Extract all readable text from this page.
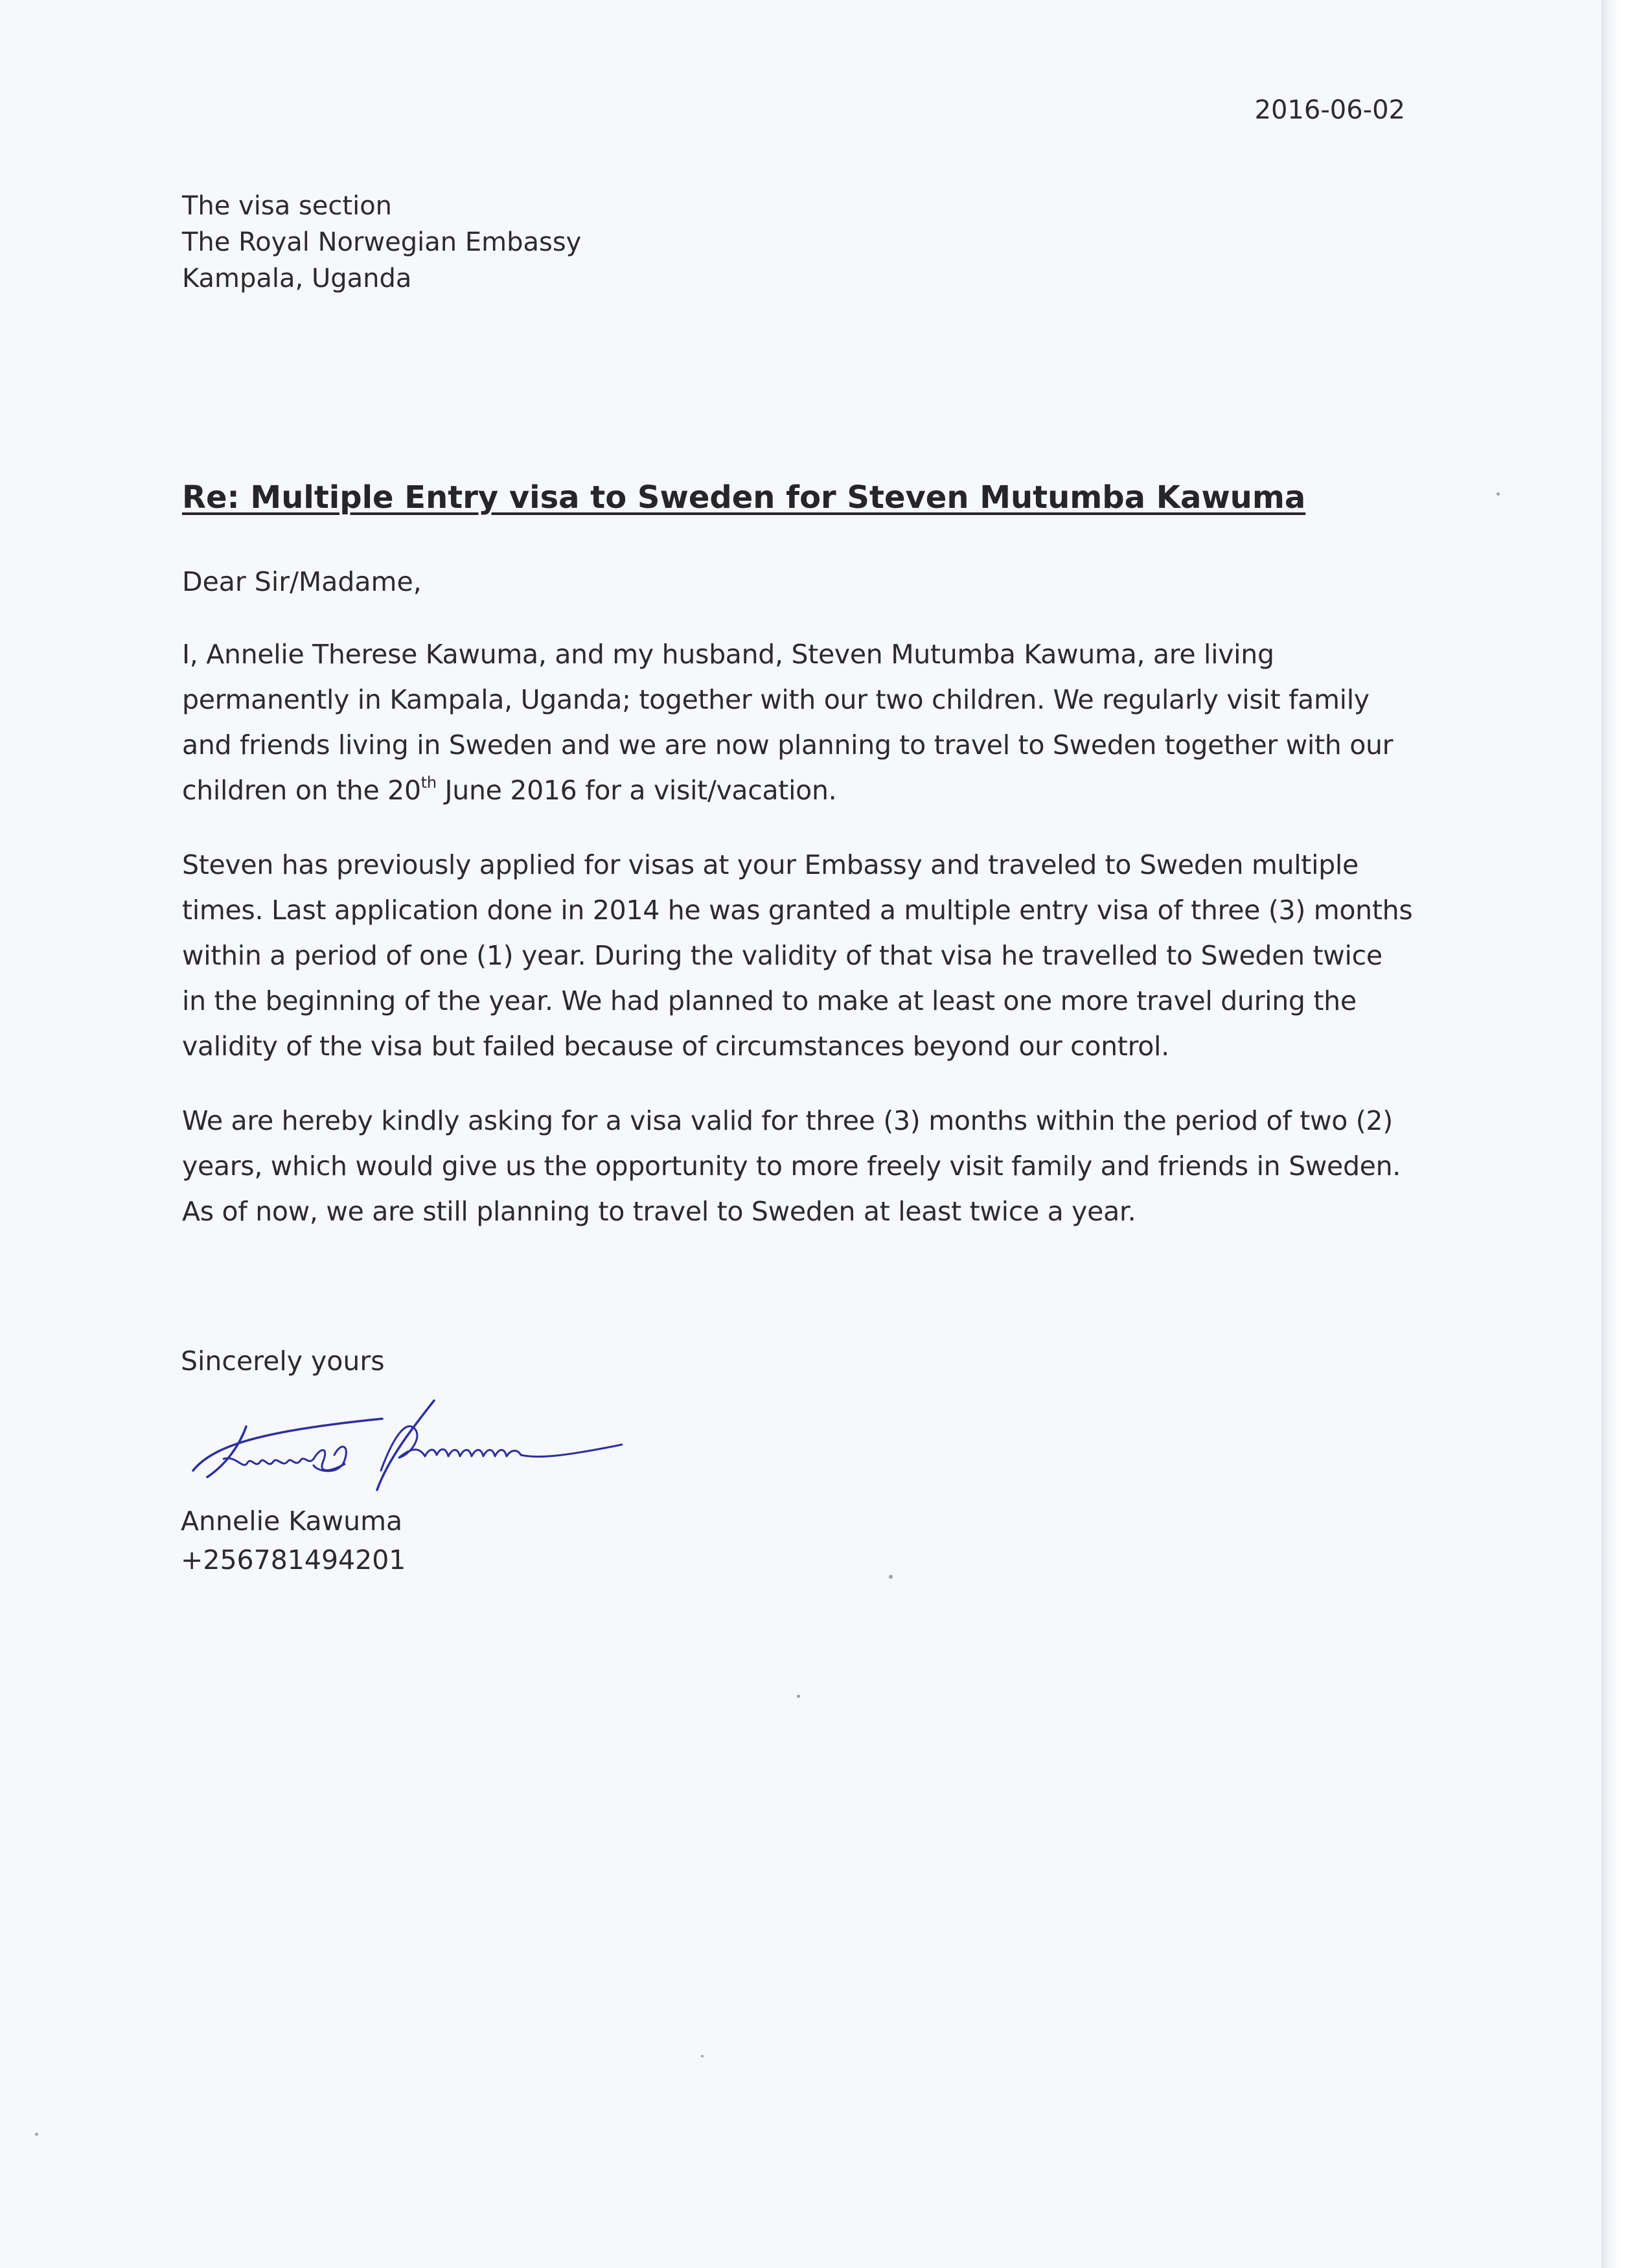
2016-06-02
The visa section
The Royal Norwegian Embassy
Kampala, Uganda
Re: Multiple Entry visa to Sweden for Steven Mutumba Kawuma
Dear Sir/Madame,
I, Annelie Therese Kawuma, and my husband, Steven Mutumba Kawuma, are living
permanently in Kampala, Uganda; together with our two children. We regularly visit family
and friends living in Sweden and we are now planning to travel to Sweden together with our
children on the 20th June 2016 for a visit/vacation.
Steven has previously applied for visas at your Embassy and traveled to Sweden multiple
times. Last application done in 2014 he was granted a multiple entry visa of three (3) months
within a period of one (1) year. During the validity of that visa he travelled to Sweden twice
in the beginning of the year. We had planned to make at least one more travel during the
validity of the visa but failed because of circumstances beyond our control.
We are hereby kindly asking for a visa valid for three (3) months within the period of two (2)
years, which would give us the opportunity to more freely visit family and friends in Sweden.
As of now, we are still planning to travel to Sweden at least twice a year.
Sincerely yours
Annelie Kawuma
+256781494201
